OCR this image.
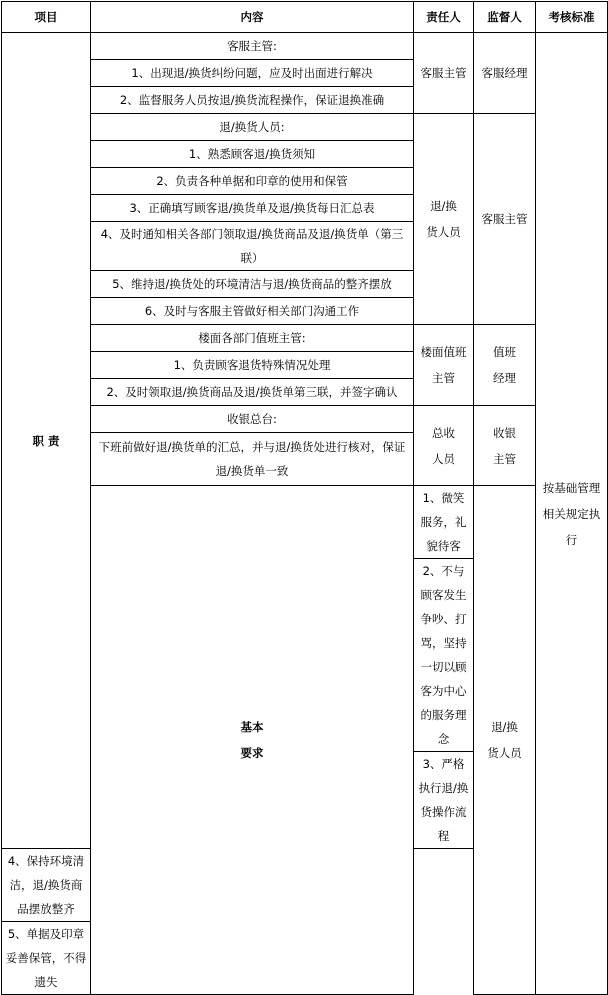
项目	内容	责任人	监督人	考核标准	
职 责	客服主管:	客服主管	客服经理	按基础管理相关规定执行	
	1、出现退/换货纠纷问题，应及时出面进行解决				
	2、监督服务人员按退/换货流程操作，保证退换准确				
	退/换货人员:	退/换货人员	客服主管		
	1、熟悉顾客退/换货须知				
	2、负责各种单据和印章的使用和保管				
	3、正确填写顾客退/换货单及退/换货每日汇总表				
	4、及时通知相关各部门领取退/换货商品及退/换货单（第三联）				
	5、维持退/换货处的环境清洁与退/换货商品的整齐摆放				
	6、及时与客服主管做好相关部门沟通工作				
	楼面各部门值班主管:	楼面值班主管	值班经理		
	1、负责顾客退货特殊情况处理				
	2、及时领取退/换货商品及退/换货单第三联，并签字确认				
	收银总台:	总收人员	收银主管		
	下班前做好退/换货单的汇总，并与退/换货处进行核对，保证退/换货单一致				
	基本要求	1、微笑服务，礼貌待客	退/换货人员	
		2、不与顾客发生争吵、打骂，坚持一切以顾客为中心的服务理念			
		3、严格执行退/换货操作流程			
4、保持环境清洁，退/换货商品摆放整齐					
5、单据及印章妥善保管，不得遗失					
